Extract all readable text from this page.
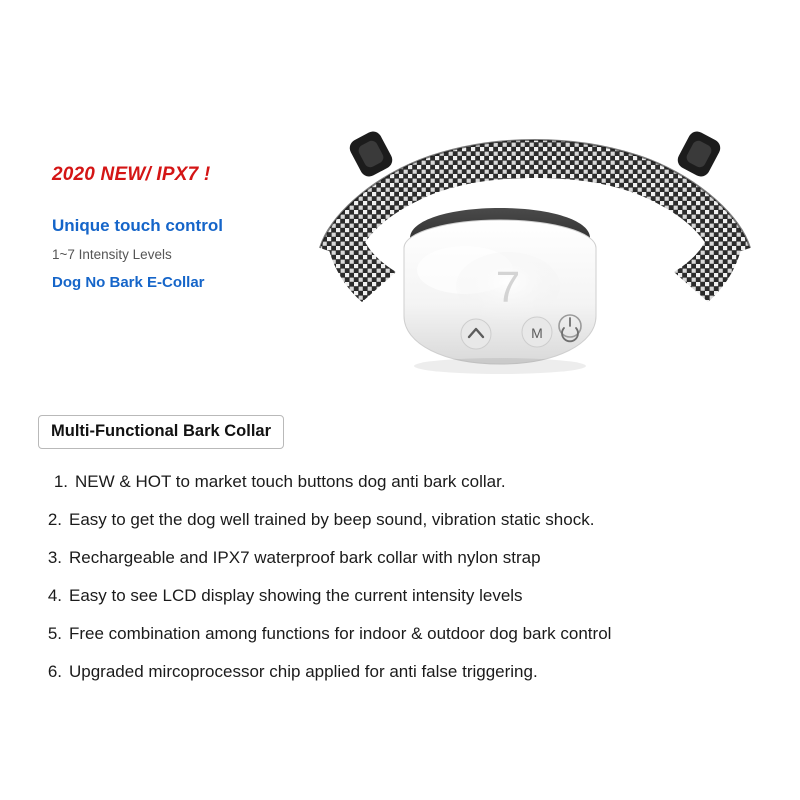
2020 NEW/ IPX7 !
Unique touch control
1~7 Intensity Levels
Dog No Bark E-Collar	7
M
Multi-Functional Bark Collar
1. NEW & HOT to market touch buttons dog anti bark collar.
2. Easy to get the dog well trained by beep sound, vibration static shock.
3. Rechargeable and IPX7 waterproof bark collar with nylon strap
4. Easy to see LCD display showing the current intensity levels
5. Free combination among functions for indoor & outdoor dog bark control
6. Upgraded mircoprocessor chip applied for anti false triggering.
